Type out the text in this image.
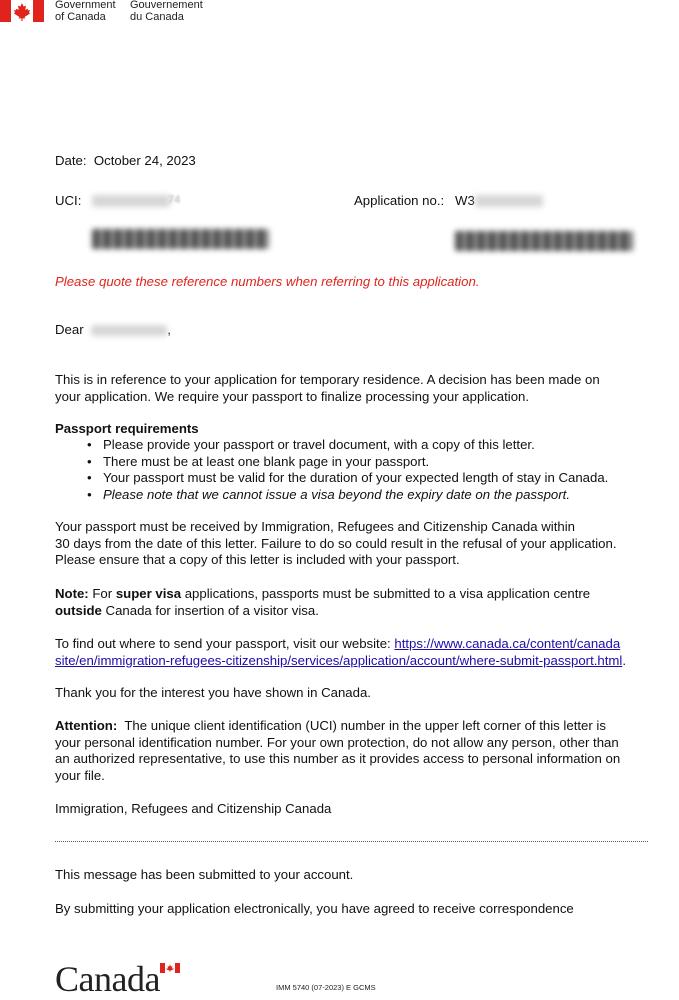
Government
of Canada
Gouvernement
du Canada
Date: October 24, 2023
UCI:	74	Application no.: W3
Please quote these reference numbers when referring to this application.
Dear	,
This is in reference to your application for temporary residence. A decision has been made on
your application. We require your passport to finalize processing your application.
Passport requirements
• Please provide your passport or travel document, with a copy of this letter.
• There must be at least one blank page in your passport.
• Your passport must be valid for the duration of your expected length of stay in Canada.
• Please note that we cannot issue a visa beyond the expiry date on the passport.
Your passport must be received by Immigration, Refugees and Citizenship Canada within
30 days from the date of this letter. Failure to do so could result in the refusal of your application.
Please ensure that a copy of this letter is included with your passport.
Note: For super visa applications, passports must be submitted to a visa application centre
outside Canada for insertion of a visitor visa.
To find out where to send your passport, visit our website: https://www.canada.ca/content/canada
site/en/immigration-refugees-citizenship/services/application/account/where-submit-passport.html.
Thank you for the interest you have shown in Canada.
Attention:  The unique client identification (UCI) number in the upper left corner of this letter is
your personal identification number. For your own protection, do not allow any person, other than
an authorized representative, to use this number as it provides access to personal information on
your file.
Immigration, Refugees and Citizenship Canada
This message has been submitted to your account.
By submitting your application electronically, you have agreed to receive correspondence
Canada	IMM 5740 (07-2023) E GCMS
